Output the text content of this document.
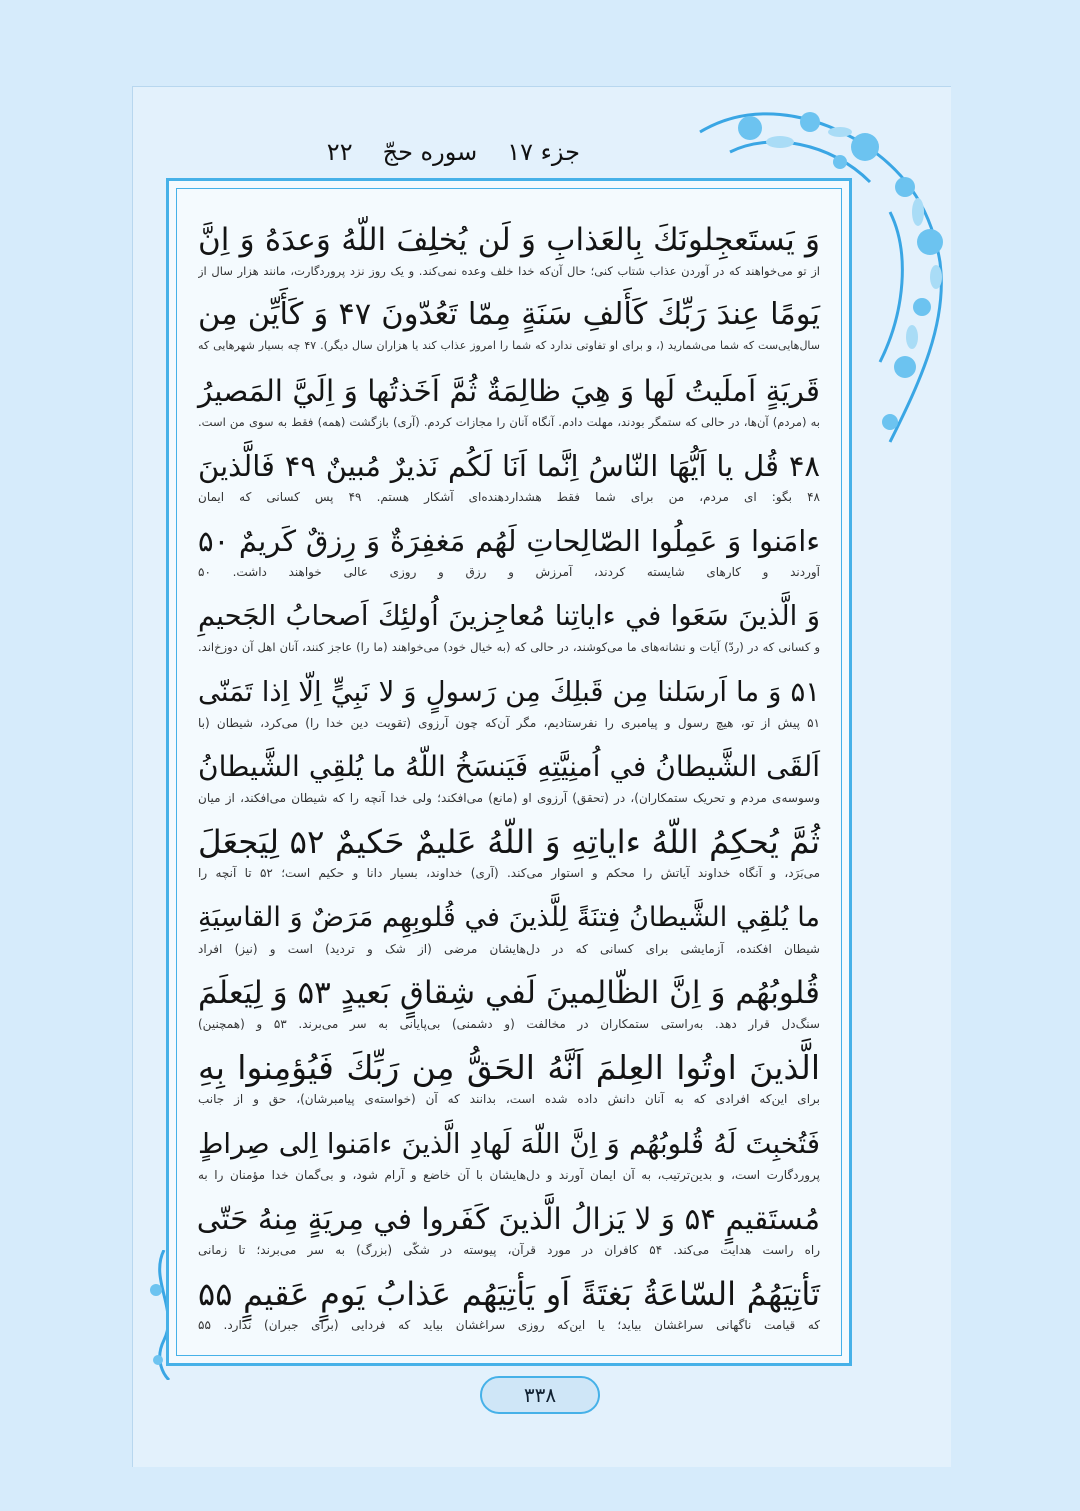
جزء ۱۷
سوره حجّ
۲۲
وَ يَستَعجِلونَكَ بِالعَذابِ وَ لَن يُخلِفَ اللّهُ وَعدَهُ وَ اِنَّ
از تو می‌خواهند که در آوردن عذاب شتاب کنی؛ حال آن‌که خدا خلف وعده نمی‌کند. و یک روز نزد پروردگارت، مانند هزار سال از
يَومًا عِندَ رَبِّكَ كَأَلفِ سَنَةٍ مِمّا تَعُدّونَ ۴۷ وَ كَأَيِّن مِن
سال‌هایی‌ست که شما می‌شمارید (، و برای او تفاوتی ندارد که شما را امروز عذاب کند یا هزاران سال دیگر). ۴۷ چه بسیار شهرهایی که
قَريَةٍ اَملَيتُ لَها وَ هِيَ ظالِمَةٌ ثُمَّ اَخَذتُها وَ اِلَيَّ المَصيرُ
به (مردم) آن‌ها، در حالی که ستمگر بودند، مهلت دادم. آنگاه آنان را مجازات کردم. (آری) بازگشت (همه) فقط به سوی من است.
۴۸ قُل يا اَيُّهَا النّاسُ اِنَّما اَنَا لَكُم نَذيرٌ مُبينٌ ۴۹ فَالَّذينَ
۴۸ بگو: ای مردم، من برای شما فقط هشداردهنده‌ای آشکار هستم. ۴۹ پس کسانی که ایمان
ءامَنوا وَ عَمِلُوا الصّالِحاتِ لَهُم مَغفِرَةٌ وَ رِزقٌ كَريمٌ ۵۰
آوردند و کارهای شایسته کردند، آمرزش و رزق و روزی عالی خواهند داشت. ۵۰
وَ الَّذينَ سَعَوا في ءاياتِنا مُعاجِزينَ اُولئِكَ اَصحابُ الجَحيمِ
و کسانی که در (ردّ) آیات و نشانه‌های ما می‌کوشند، در حالی که (به خیال خود) می‌خواهند (ما را) عاجز کنند، آنان اهل آن دوزخ‌اند.
۵۱ وَ ما اَرسَلنا مِن قَبلِكَ مِن رَسولٍ وَ لا نَبِيٍّ اِلّا اِذا تَمَنّى
۵۱ پیش از تو، هیچ رسول و پیامبری را نفرستادیم، مگر آن‌که چون آرزوی (تقویت دین خدا را) می‌کرد، شیطان (با
اَلقَى الشَّيطانُ في اُمنِيَّتِهِ فَيَنسَخُ اللّهُ ما يُلقِي الشَّيطانُ
وسوسه‌ی مردم و تحریک ستمکاران)، در (تحقق) آرزوی او (مانع) می‌افکند؛ ولی خدا آنچه را که شیطان می‌افکند، از میان
ثُمَّ يُحكِمُ اللّهُ ءاياتِهِ وَ اللّهُ عَليمٌ حَكيمٌ ۵۲ لِيَجعَلَ
می‌بَرَد، و آنگاه خداوند آیاتش را محکم و استوار می‌کند. (آری) خداوند، بسیار دانا و حکیم است؛ ۵۲ تا آنچه را
ما يُلقِي الشَّيطانُ فِتنَةً لِلَّذينَ في قُلوبِهِم مَرَضٌ وَ القاسِيَةِ
شیطان افکنده، آزمایشی برای کسانی که در دل‌هایشان مرضی (از شک و تردید) است و (نیز) افراد
قُلوبُهُم وَ اِنَّ الظّالِمينَ لَفي شِقاقٍ بَعيدٍ ۵۳ وَ لِيَعلَمَ
سنگ‌دل قرار دهد. به‌راستی ستمکاران در مخالفت (و دشمنی) بی‌پایانی به سر می‌برند. ۵۳ و (همچنین)
الَّذينَ اوتُوا العِلمَ اَنَّهُ الحَقُّ مِن رَبِّكَ فَيُؤمِنوا بِهِ
برای این‌که افرادی که به آنان دانش داده شده است، بدانند که آن (خواسته‌ی پیامبرشان)، حق و از جانب
فَتُخبِتَ لَهُ قُلوبُهُم وَ اِنَّ اللّهَ لَهادِ الَّذينَ ءامَنوا اِلى صِراطٍ
پروردگارت است، و بدین‌ترتیب، به آن ایمان آورند و دل‌هایشان با آن خاضع و آرام شود، و بی‌گمان خدا مؤمنان را به
مُستَقيمٍ ۵۴ وَ لا يَزالُ الَّذينَ كَفَروا في مِريَةٍ مِنهُ حَتّى
راه راست هدایت می‌کند. ۵۴ کافران در مورد قرآن، پیوسته در شکّی (بزرگ) به سر می‌برند؛ تا زمانی
تَأتِيَهُمُ السّاعَةُ بَغتَةً اَو يَأتِيَهُم عَذابُ يَومٍ عَقيمٍ ۵۵
که قیامت ناگهانی سراغشان بیاید؛ یا این‌که روزی سراغشان بیاید که فردایی (برای جبران) ندارد. ۵۵
۳۳۸
